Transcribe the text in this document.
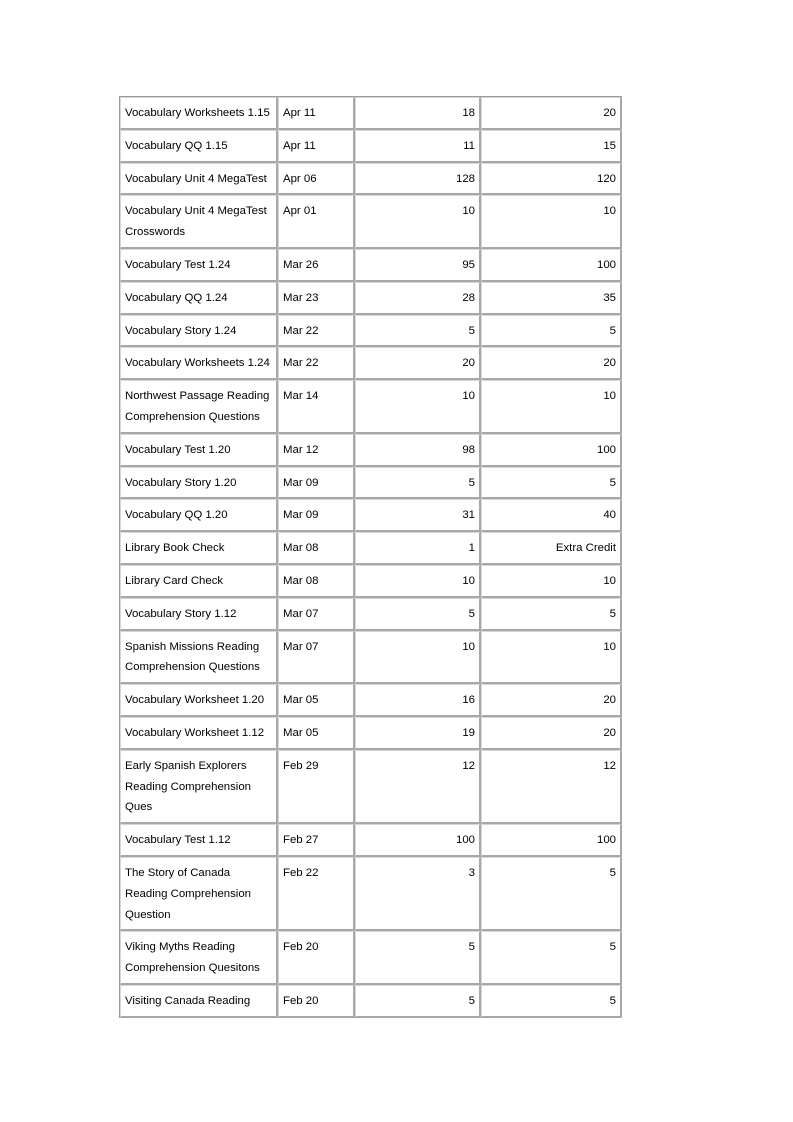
Vocabulary Worksheets 1.15	Apr 11	18	20
Vocabulary QQ 1.15	Apr 11	11	15
Vocabulary Unit 4 MegaTest	Apr 06	128	120
Vocabulary Unit 4 MegaTest Crosswords	Apr 01	10	10
Vocabulary Test 1.24	Mar 26	95	100
Vocabulary QQ 1.24	Mar 23	28	35
Vocabulary Story 1.24	Mar 22	5	5
Vocabulary Worksheets 1.24	Mar 22	20	20
Northwest Passage Reading Comprehension Questions	Mar 14	10	10
Vocabulary Test 1.20	Mar 12	98	100
Vocabulary Story 1.20	Mar 09	5	5
Vocabulary QQ 1.20	Mar 09	31	40
Library Book Check	Mar 08	1	Extra Credit
Library Card Check	Mar 08	10	10
Vocabulary Story 1.12	Mar 07	5	5
Spanish Missions Reading Comprehension Questions	Mar 07	10	10
Vocabulary Worksheet 1.20	Mar 05	16	20
Vocabulary Worksheet 1.12	Mar 05	19	20
Early Spanish Explorers Reading Comprehension Ques	Feb 29	12	12
Vocabulary Test 1.12	Feb 27	100	100
The Story of Canada Reading Comprehension Question	Feb 22	3	5
Viking Myths Reading Comprehension Quesitons	Feb 20	5	5
Visiting Canada Reading	Feb 20	5	5
